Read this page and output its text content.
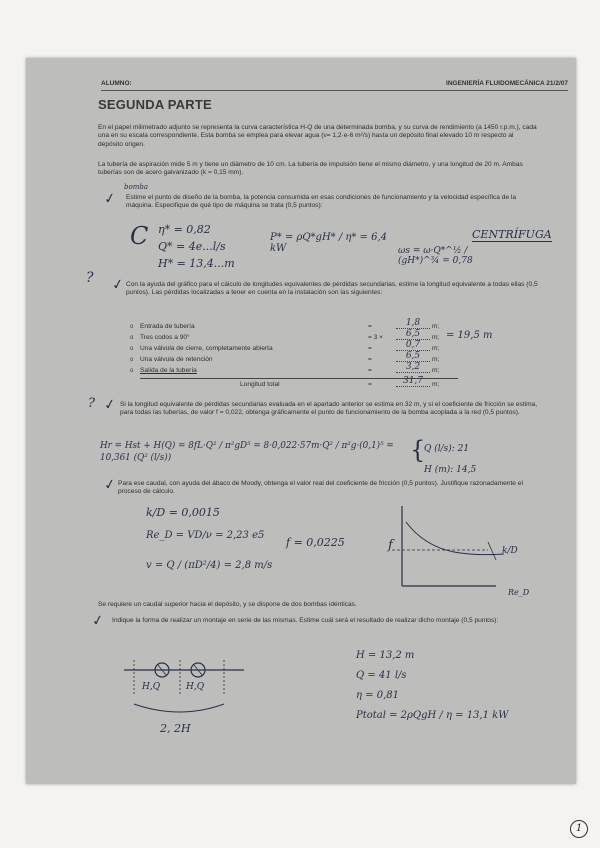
ALUMNO:	INGENIERÍA FLUIDOMECÁNICA 21/2/07
SEGUNDA PARTE
En el papel milimetrado adjunto se representa la curva característica H-Q de una determinada bomba, y su curva de rendimiento (a 1450 r.p.m.), cada una en su escala correspondiente. Esta bomba se emplea para elevar agua (ν= 1,2·e-6 m²/s) hasta un depósito final elevado 10 m respecto al depósito origen.
La tubería de aspiración mide 5 m y tiene un diámetro de 10 cm. La tubería de impulsión tiene el mismo diámetro, y una longitud de 20 m. Ambas tuberías son de acero galvanizado (k = 0,15 mm).
bomba
✓ Estime el punto de diseño de la bomba, la potencia consumida en esas condiciones de funcionamiento y la velocidad específica de la máquina. Especifique de qué tipo de máquina se trata (0,5 puntos):
C η* = 0,82
Q* = 4e...l/s
H* = 13,4...m
P* = ρQ*gH* / η* = 6,4 kW	ωs = ω·Q*^½ / (gH*)^¾ = 0,78
CENTRÍFUGA
✓
?	Con la ayuda del gráfico para el cálculo de longitudes equivalentes de pérdidas secundarias, estime la longitud equivalente a todas ellas (0,5 puntos). Las pérdidas localizadas a tener en cuenta en la instalación son las siguientes:
o Entrada de tubería	=	1,8	m;
o Tres codos a 90°	= 3 ×	6,5	m; = 19,5 m
o Una válvula de cierre, completamente abierta	=	0,7	m;
o Una válvula de retención	=	6,5	m;
o Salida de la tubería	=	3,2	m;
Longitud total	=	31,7	m;
✓
?	Si la longitud equivalente de pérdidas secundarias evaluada en el apartado anterior se estima en 32 m, y si el coeficiente de fricción se estima, para todas las tuberías, de valor f = 0,022, obtenga gráficamente el punto de funcionamiento de la bomba acoplada a la red (0,5 puntos).
Hr = Hst + H(Q) = 8fL·Q² / π²gD⁵ = 8·0,022·57m·Q² / π²g·(0,1)⁵ = 10,361 (Q² (l/s))	{
Q (l/s): 21
H (m): 14,5
✓ Para ese caudal, con ayuda del ábaco de Moody, obtenga el valor real del coeficiente de fricción (0,5 puntos). Justifique razonadamente el proceso de cálculo.
k/D = 0,0015
Re_D = VD/ν = 2,23 e5
f = 0,0225
v = Q / (πD²/4) = 2,8 m/s
f	k/D
Re_D
Se requiere un caudal superior hacia el depósito, y se dispone de dos bombas idénticas.
✓ Indique la forma de realizar un montaje en serie de las mismas. Estime cuál será el resultado de realizar dicho montaje (0,5 puntos):
H,Q	H,Q
2, 2H
H = 13,2 m
Q = 41 l/s
η = 0,81
Ptotal = 2ρQgH / η = 13,1 kW
1
